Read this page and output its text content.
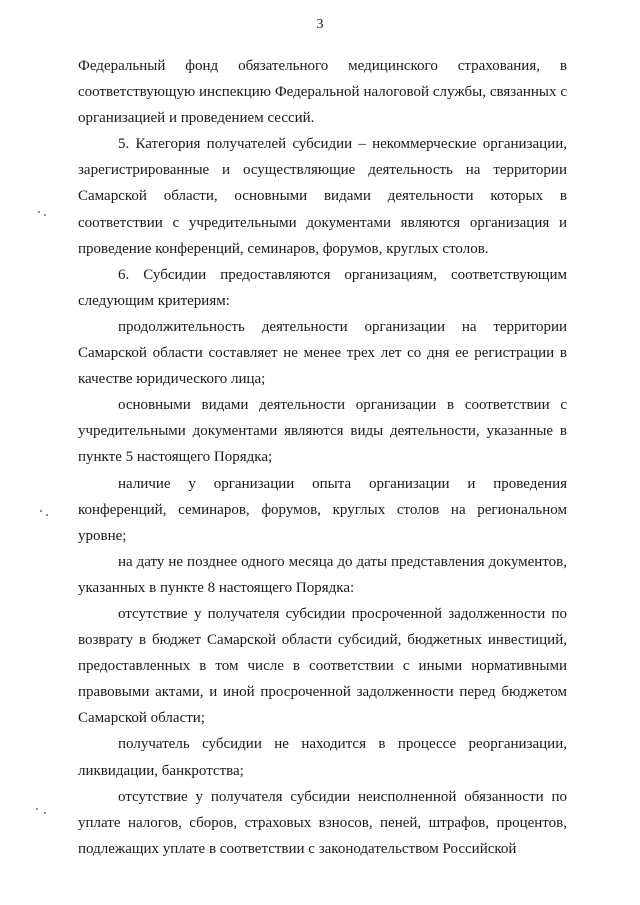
3

Федеральный фонд обязательного медицинского страхования, в соответствующую инспекцию Федеральной налоговой службы, связанных с организацией и проведением сессий.

5. Категория получателей субсидии – некоммерческие организации, зарегистрированные и осуществляющие деятельность на территории Самарской области, основными видами деятельности которых в соответствии с учредительными документами являются организация и проведение конференций, семинаров, форумов, круглых столов.

6. Субсидии предоставляются организациям, соответствующим следующим критериям:

продолжительность деятельности организации на территории Самарской области составляет не менее трех лет со дня ее регистрации в качестве юридического лица;

основными видами деятельности организации в соответствии с учредительными документами являются виды деятельности, указанные в пункте 5 настоящего Порядка;

наличие у организации опыта организации и проведения конференций, семинаров, форумов, круглых столов на региональном уровне;

на дату не позднее одного месяца до даты представления документов, указанных в пункте 8 настоящего Порядка:

отсутствие у получателя субсидии просроченной задолженности по возврату в бюджет Самарской области субсидий, бюджетных инвестиций, предоставленных в том числе в соответствии с иными нормативными правовыми актами, и иной просроченной задолженности перед бюджетом Самарской области;

получатель субсидии не находится в процессе реорганизации, ликвидации, банкротства;

отсутствие у получателя субсидии неисполненной обязанности по уплате налогов, сборов, страховых взносов, пеней, штрафов, процентов, подлежащих уплате в соответствии с законодательством Российской
